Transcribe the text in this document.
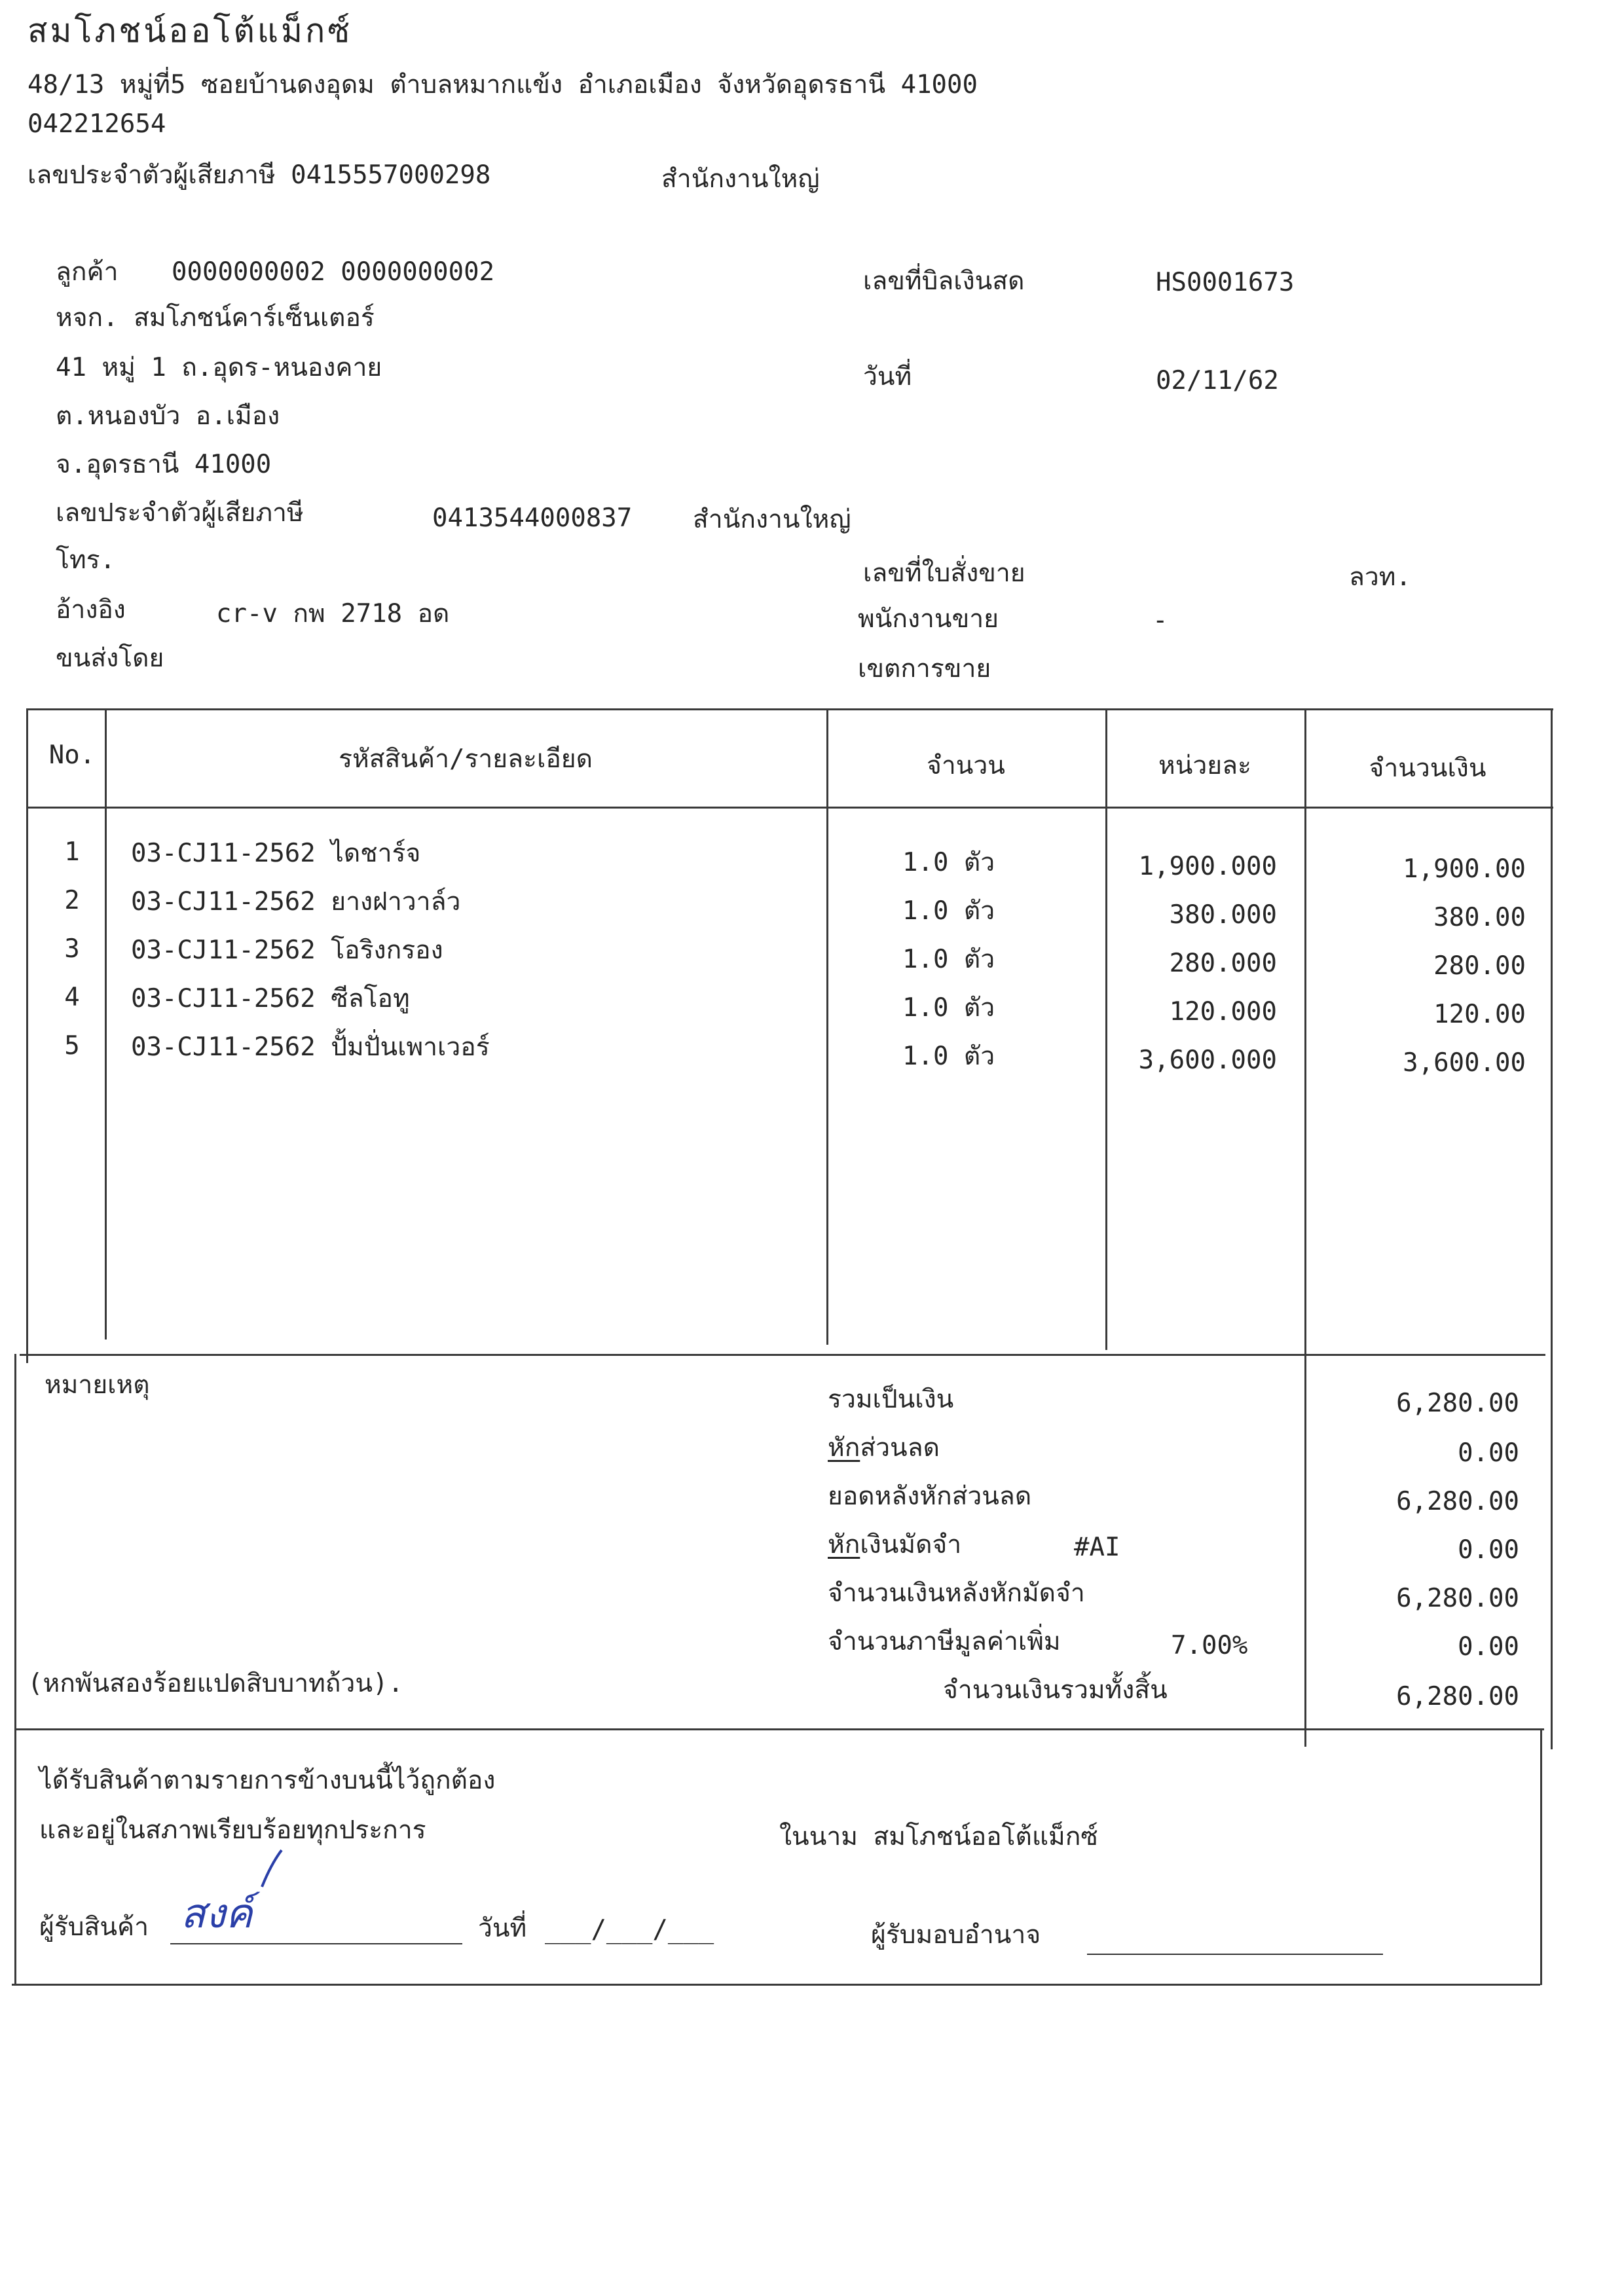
สมโภชน์ออโต้แม็กซ์
48/13 หมู่ที่5 ซอยบ้านดงอุดม ตำบลหมากแข้ง อำเภอเมือง จังหวัดอุดรธานี 41000
042212654
เลขประจำตัวผู้เสียภาษี 0415557000298	สำนักงานใหญ่
ลูกค้า 0000000002 0000000002
หจก. สมโภชน์คาร์เซ็นเตอร์
41 หมู่ 1 ถ.อุดร-หนองคาย
ต.หนองบัว อ.เมือง
จ.อุดรธานี 41000
เลขประจำตัวผู้เสียภาษี	0413544000837 สำนักงานใหญ่
โทร.
อ้างอิง	cr-v กพ 2718 อด
ขนส่งโดย
เลขที่บิลเงินสด	HS0001673
วันที่	02/11/62
เลขที่ใบสั่งขาย	ลวท.
พนักงานขาย	-
เขตการขาย
No.	รหัสสินค้า/รายละเอียด	จำนวน	หน่วยละ	จำนวนเงิน
1	03-CJ11-2562 ไดชาร์จ	1.0 ตัว	1,900.000	1,900.00
2	03-CJ11-2562 ยางฝาวาล์ว	1.0 ตัว	380.000	380.00
3	03-CJ11-2562 โอริงกรอง	1.0 ตัว	280.000	280.00
4	03-CJ11-2562 ซีลโอทู	1.0 ตัว	120.000	120.00
5	03-CJ11-2562 ปั้มปั่นเพาเวอร์	1.0 ตัว	3,600.000	3,600.00
หมายเหตุ	รวมเป็นเงิน	6,280.00
หักส่วนลด	0.00
ยอดหลังหักส่วนลด	6,280.00
หักเงินมัดจำ	#AI	0.00
จำนวนเงินหลังหักมัดจำ	6,280.00
จำนวนภาษีมูลค่าเพิ่ม	7.00%	0.00
(หกพันสองร้อยแปดสิบบาทถ้วน).	จำนวนเงินรวมทั้งสิ้น	6,280.00
ได้รับสินค้าตามรายการข้างบนนี้ไว้ถูกต้อง
และอยู่ในสภาพเรียบร้อยทุกประการ	ในนาม สมโภชน์ออโต้แม็กซ์
ผู้รับสินค้า สงค์	วันที่ ___/___/___	ผู้รับมอบอำนาจ
